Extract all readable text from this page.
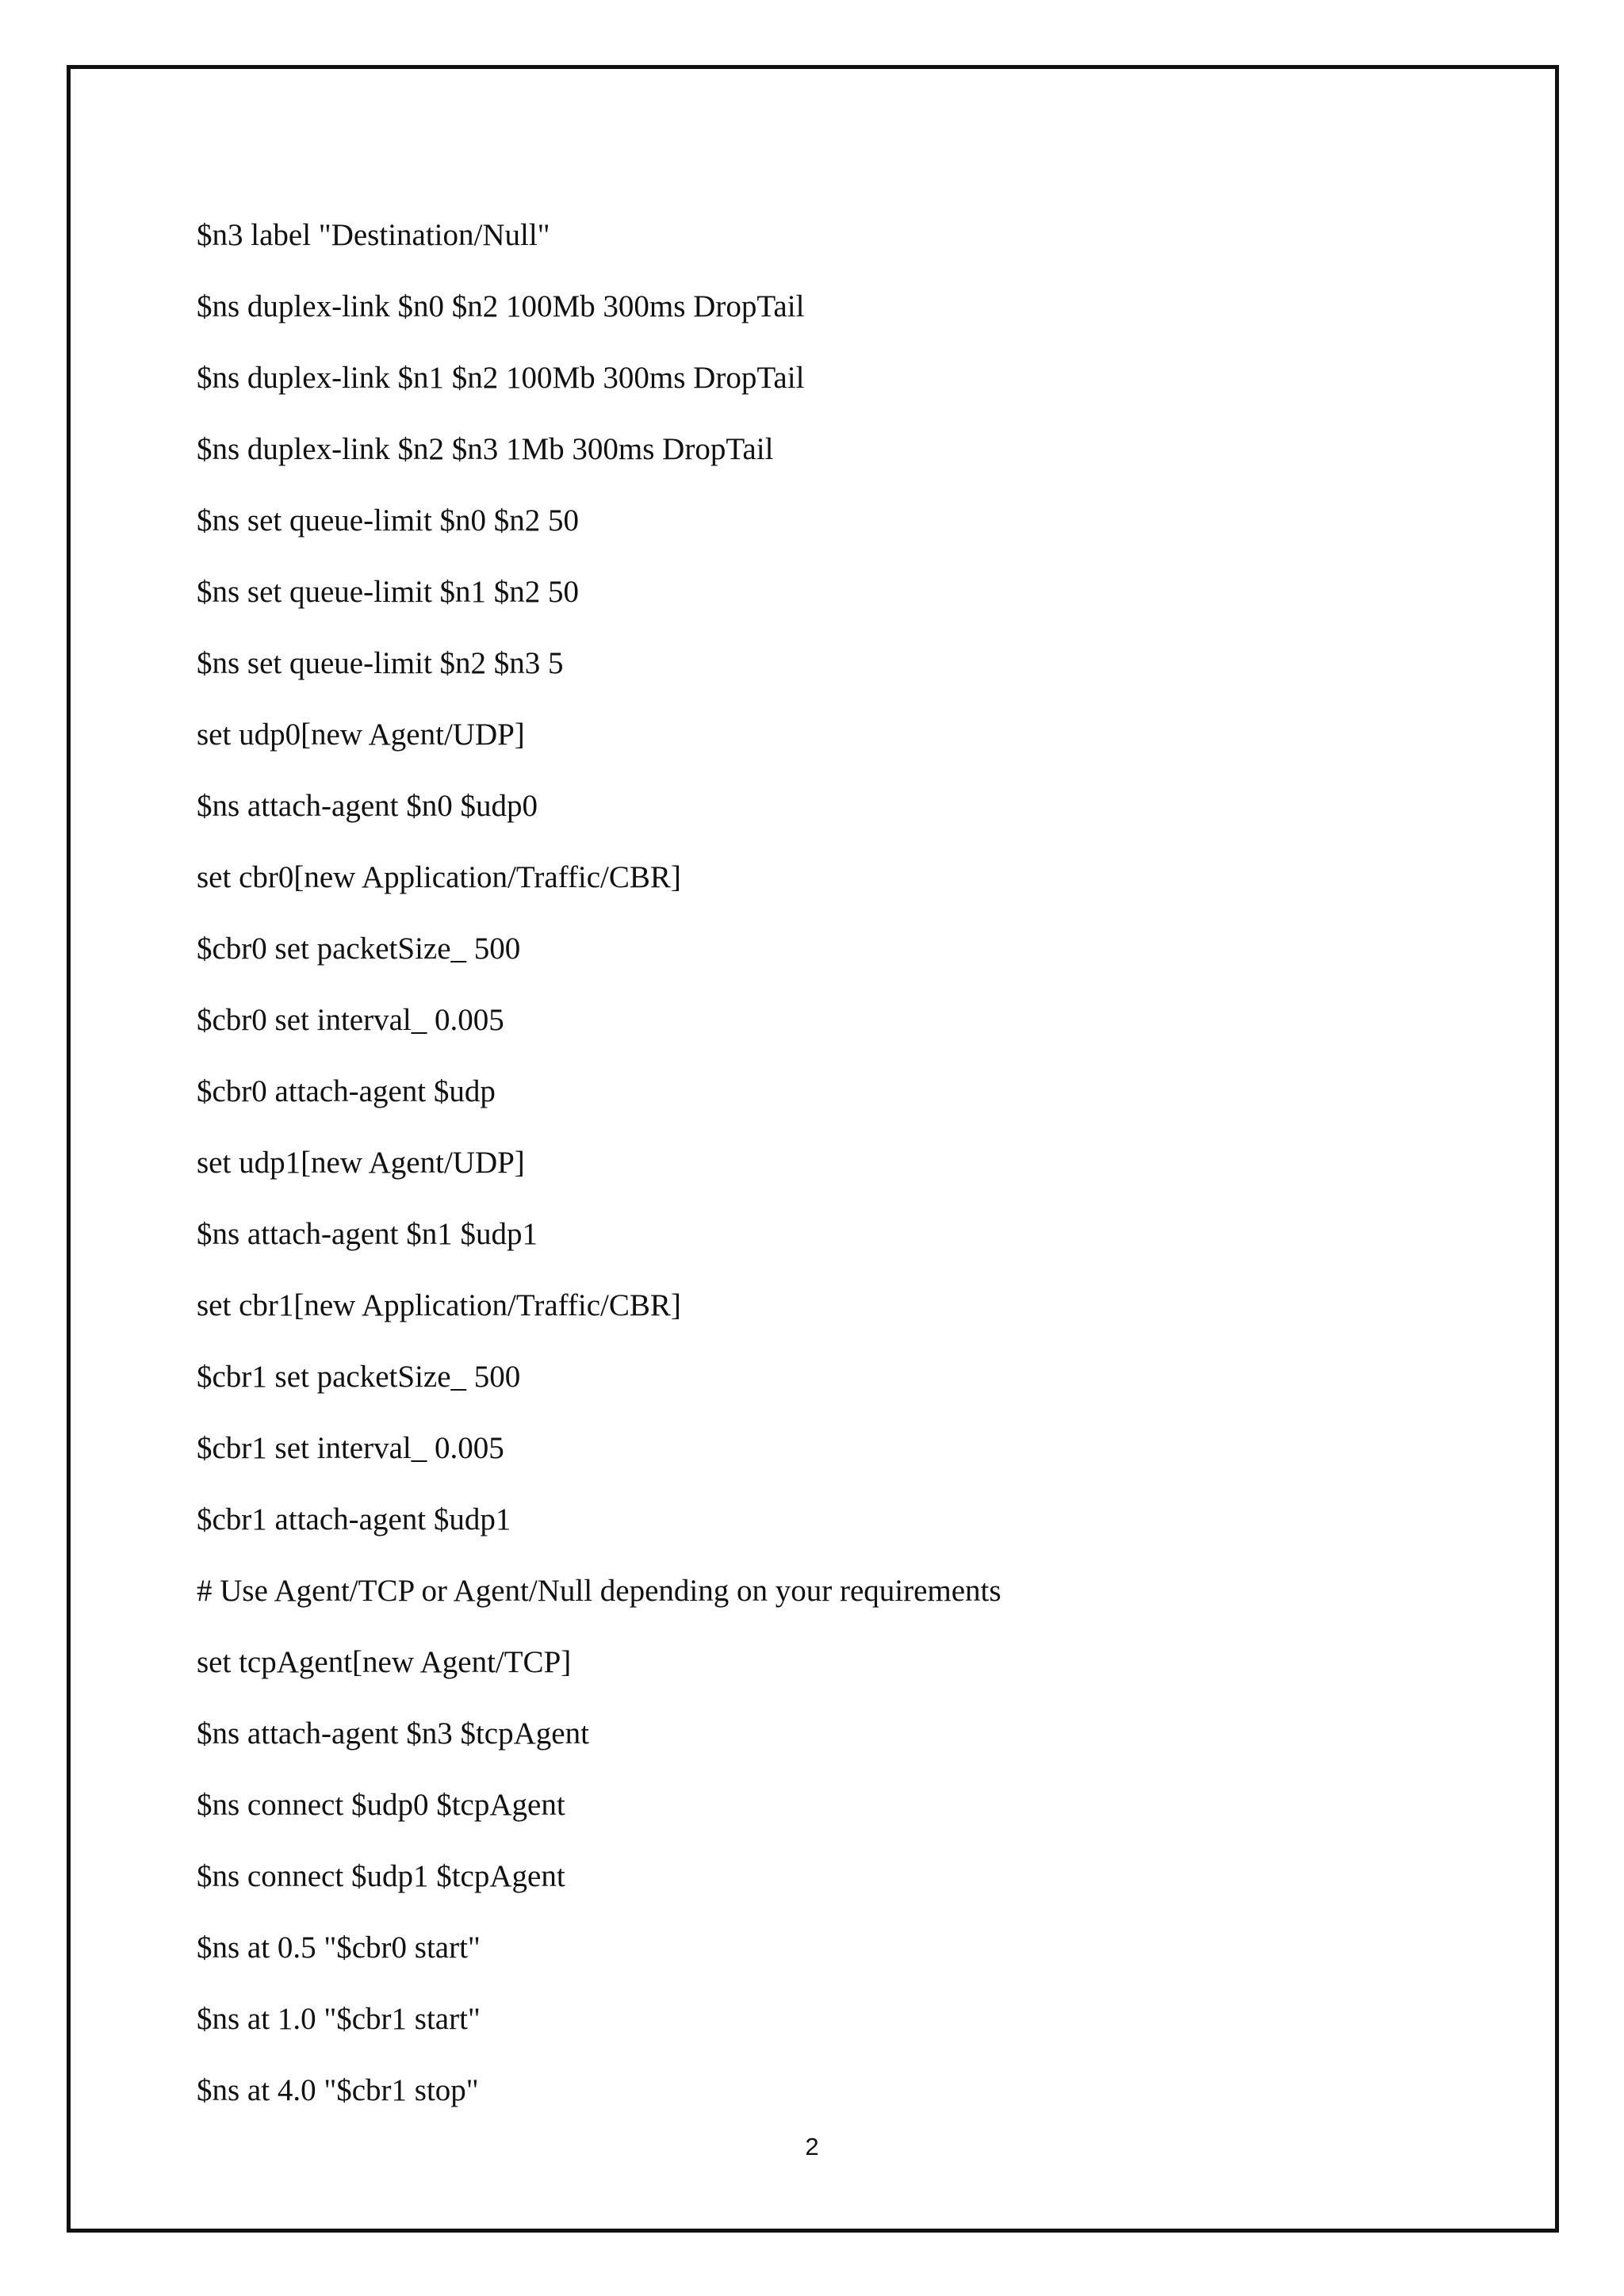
$n3 label "Destination/Null"
$ns duplex-link $n0 $n2 100Mb 300ms DropTail
$ns duplex-link $n1 $n2 100Mb 300ms DropTail
$ns duplex-link $n2 $n3 1Mb 300ms DropTail
$ns set queue-limit $n0 $n2 50
$ns set queue-limit $n1 $n2 50
$ns set queue-limit $n2 $n3 5
set udp0[new Agent/UDP]
$ns attach-agent $n0 $udp0
set cbr0[new Application/Traffic/CBR]
$cbr0 set packetSize_ 500
$cbr0 set interval_ 0.005
$cbr0 attach-agent $udp
set udp1[new Agent/UDP]
$ns attach-agent $n1 $udp1
set cbr1[new Application/Traffic/CBR]
$cbr1 set packetSize_ 500
$cbr1 set interval_ 0.005
$cbr1 attach-agent $udp1
# Use Agent/TCP or Agent/Null depending on your requirements
set tcpAgent[new Agent/TCP]
$ns attach-agent $n3 $tcpAgent
$ns connect $udp0 $tcpAgent
$ns connect $udp1 $tcpAgent
$ns at 0.5 "$cbr0 start"
$ns at 1.0 "$cbr1 start"
$ns at 4.0 "$cbr1 stop"
2
